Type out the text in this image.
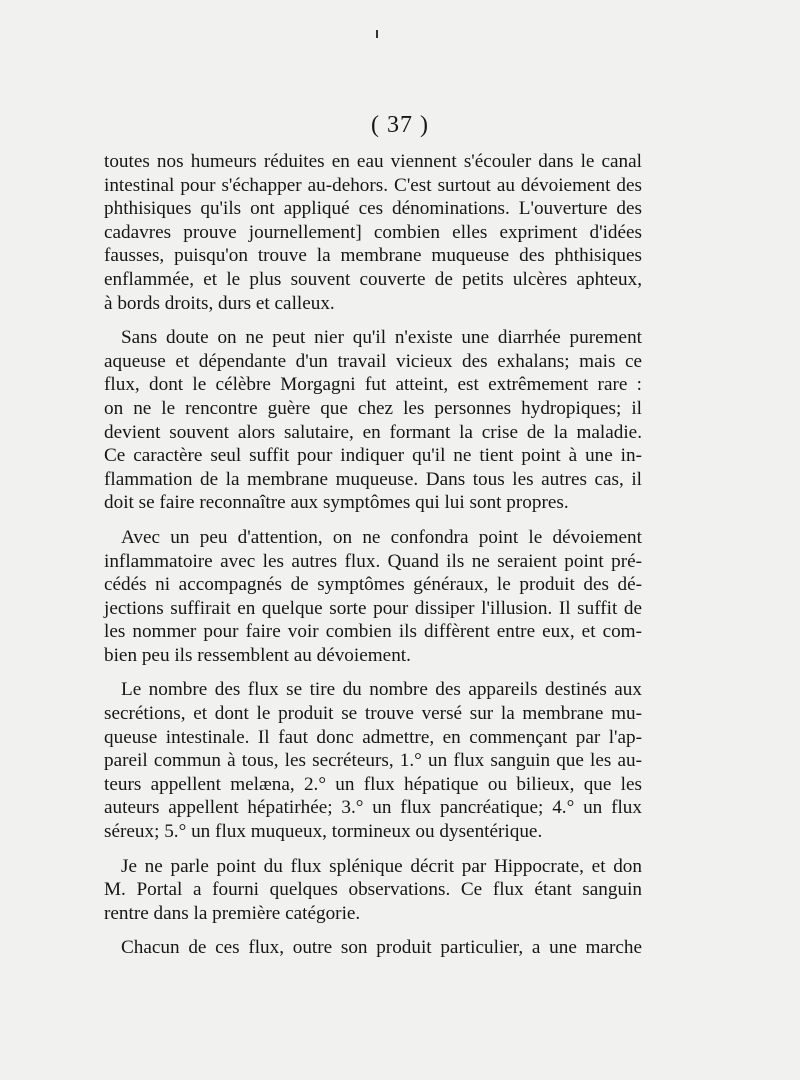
( 37 )
toutes nos humeurs réduites en eau viennent s'écouler dans le canal
intestinal pour s'échapper au-dehors. C'est surtout au dévoiement des
phthisiques qu'ils ont appliqué ces dénominations. L'ouverture des
cadavres prouve journellement] combien elles expriment d'idées
fausses, puisqu'on trouve la membrane muqueuse des phthisiques
enflammée, et le plus souvent couverte de petits ulcères aphteux,
à bords droits, durs et calleux.
Sans doute on ne peut nier qu'il n'existe une diarrhée purement
aqueuse et dépendante d'un travail vicieux des exhalans; mais ce
flux, dont le célèbre Morgagni fut atteint, est extrêmement rare :
on ne le rencontre guère que chez les personnes hydropiques; il
devient souvent alors salutaire, en formant la crise de la maladie.
Ce caractère seul suffit pour indiquer qu'il ne tient point à une in-
flammation de la membrane muqueuse. Dans tous les autres cas, il
doit se faire reconnaître aux symptômes qui lui sont propres.
Avec un peu d'attention, on ne confondra point le dévoiement
inflammatoire avec les autres flux. Quand ils ne seraient point pré-
cédés ni accompagnés de symptômes généraux, le produit des dé-
jections suffirait en quelque sorte pour dissiper l'illusion. Il suffit de
les nommer pour faire voir combien ils diffèrent entre eux, et com-
bien peu ils ressemblent au dévoiement.
Le nombre des flux se tire du nombre des appareils destinés aux
secrétions, et dont le produit se trouve versé sur la membrane mu-
queuse intestinale. Il faut donc admettre, en commençant par l'ap-
pareil commun à tous, les secréteurs, 1.° un flux sanguin que les au-
teurs appellent melæna, 2.° un flux hépatique ou bilieux, que les
auteurs appellent hépatirhée; 3.° un flux pancréatique; 4.° un flux
séreux; 5.° un flux muqueux, tormineux ou dysentérique.
Je ne parle point du flux splénique décrit par Hippocrate, et don
M. Portal a fourni quelques observations. Ce flux étant sanguin
rentre dans la première catégorie.
Chacun de ces flux, outre son produit particulier, a une marche
